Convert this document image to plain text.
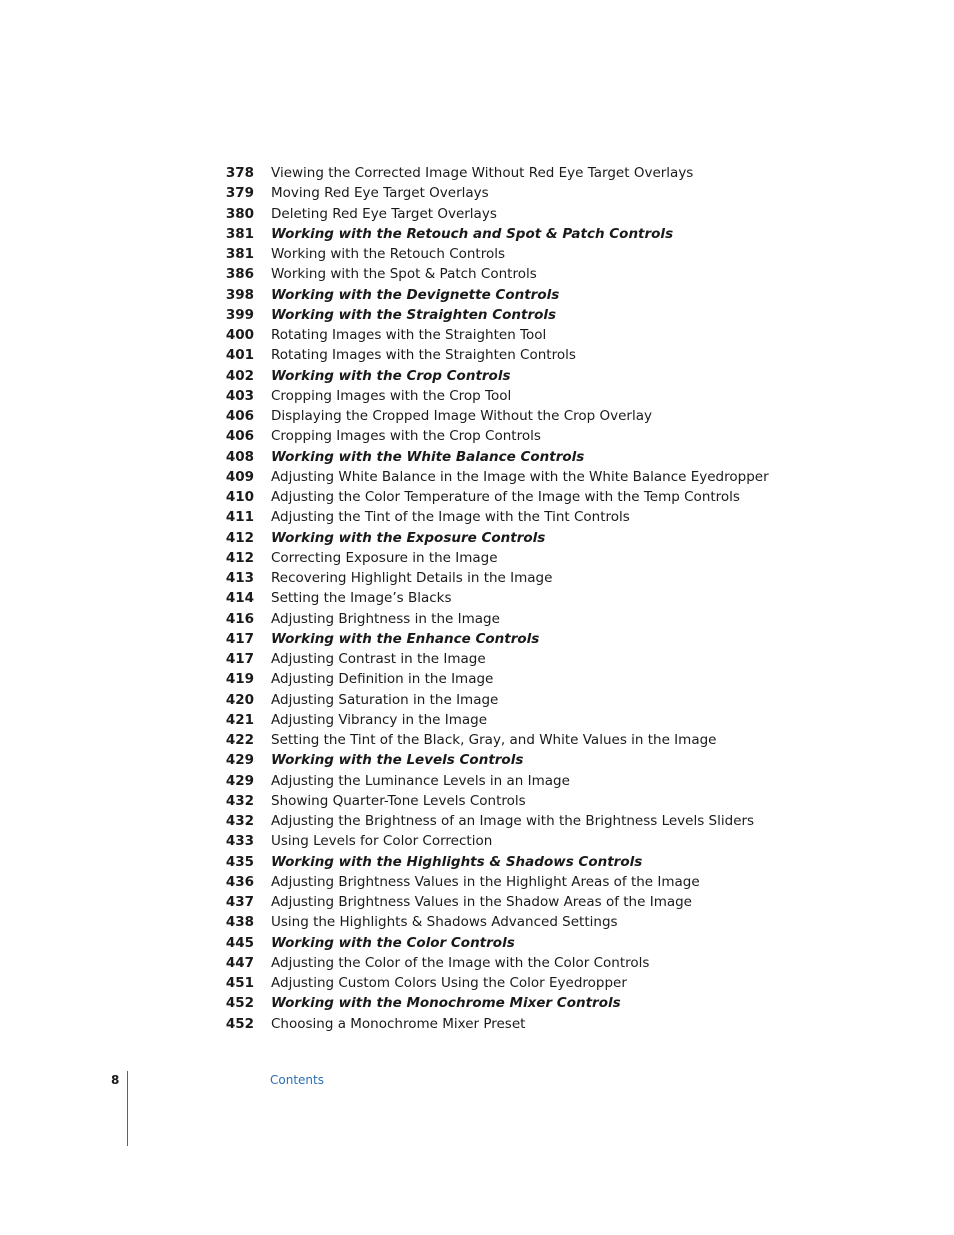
378 Viewing the Corrected Image Without Red Eye Target Overlays
379 Moving Red Eye Target Overlays
380 Deleting Red Eye Target Overlays
381 Working with the Retouch and Spot & Patch Controls
381 Working with the Retouch Controls
386 Working with the Spot & Patch Controls
398 Working with the Devignette Controls
399 Working with the Straighten Controls
400 Rotating Images with the Straighten Tool
401 Rotating Images with the Straighten Controls
402 Working with the Crop Controls
403 Cropping Images with the Crop Tool
406 Displaying the Cropped Image Without the Crop Overlay
406 Cropping Images with the Crop Controls
408 Working with the White Balance Controls
409 Adjusting White Balance in the Image with the White Balance Eyedropper
410 Adjusting the Color Temperature of the Image with the Temp Controls
411 Adjusting the Tint of the Image with the Tint Controls
412 Working with the Exposure Controls
412 Correcting Exposure in the Image
413 Recovering Highlight Details in the Image
414 Setting the Image’s Blacks
416 Adjusting Brightness in the Image
417 Working with the Enhance Controls
417 Adjusting Contrast in the Image
419 Adjusting Definition in the Image
420 Adjusting Saturation in the Image
421 Adjusting Vibrancy in the Image
422 Setting the Tint of the Black, Gray, and White Values in the Image
429 Working with the Levels Controls
429 Adjusting the Luminance Levels in an Image
432 Showing Quarter-Tone Levels Controls
432 Adjusting the Brightness of an Image with the Brightness Levels Sliders
433 Using Levels for Color Correction
435 Working with the Highlights & Shadows Controls
436 Adjusting Brightness Values in the Highlight Areas of the Image
437 Adjusting Brightness Values in the Shadow Areas of the Image
438 Using the Highlights & Shadows Advanced Settings
445 Working with the Color Controls
447 Adjusting the Color of the Image with the Color Controls
451 Adjusting Custom Colors Using the Color Eyedropper
452 Working with the Monochrome Mixer Controls
452 Choosing a Monochrome Mixer Preset
8	Contents
